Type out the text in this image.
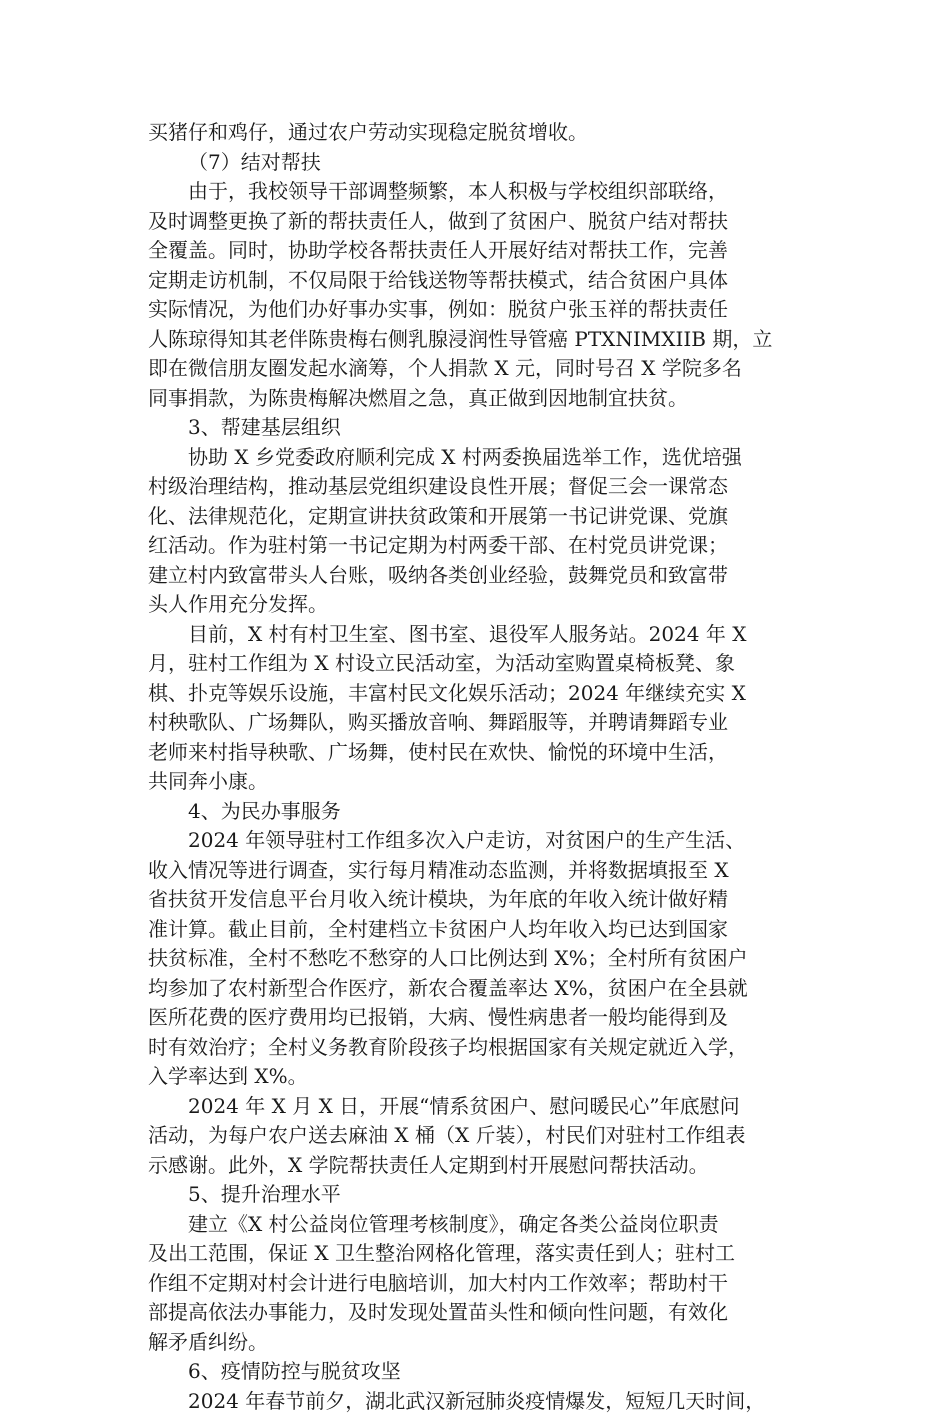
买猪仔和鸡仔，通过农户劳动实现稳定脱贫增收。
（7）结对帮扶
由于，我校领导干部调整频繁，本人积极与学校组织部联络，
及时调整更换了新的帮扶责任人，做到了贫困户、脱贫户结对帮扶
全覆盖。同时，协助学校各帮扶责任人开展好结对帮扶工作，完善
定期走访机制，不仅局限于给钱送物等帮扶模式，结合贫困户具体
实际情况，为他们办好事办实事，例如：脱贫户张玉祥的帮扶责任
人陈琼得知其老伴陈贵梅右侧乳腺浸润性导管癌 PTXNIMXIIB 期，立
即在微信朋友圈发起水滴筹，个人捐款 X 元，同时号召 X 学院多名
同事捐款，为陈贵梅解决燃眉之急，真正做到因地制宜扶贫。
3、帮建基层组织
协助 X 乡党委政府顺利完成 X 村两委换届选举工作，选优培强
村级治理结构，推动基层党组织建设良性开展；督促三会一课常态
化、法律规范化，定期宣讲扶贫政策和开展第一书记讲党课、党旗
红活动。作为驻村第一书记定期为村两委干部、在村党员讲党课；
建立村内致富带头人台账，吸纳各类创业经验，鼓舞党员和致富带
头人作用充分发挥。
目前，X 村有村卫生室、图书室、退役军人服务站。2024 年 X
月，驻村工作组为 X 村设立民活动室，为活动室购置桌椅板凳、象
棋、扑克等娱乐设施，丰富村民文化娱乐活动；2024 年继续充实 X
村秧歌队、广场舞队，购买播放音响、舞蹈服等，并聘请舞蹈专业
老师来村指导秧歌、广场舞，使村民在欢快、愉悦的环境中生活，
共同奔小康。
4、为民办事服务
2024 年领导驻村工作组多次入户走访，对贫困户的生产生活、
收入情况等进行调查，实行每月精准动态监测，并将数据填报至 X
省扶贫开发信息平台月收入统计模块，为年底的年收入统计做好精
准计算。截止目前，全村建档立卡贫困户人均年收入均已达到国家
扶贫标准，全村不愁吃不愁穿的人口比例达到 X%；全村所有贫困户
均参加了农村新型合作医疗，新农合覆盖率达 X%，贫困户在全县就
医所花费的医疗费用均已报销，大病、慢性病患者一般均能得到及
时有效治疗；全村义务教育阶段孩子均根据国家有关规定就近入学，
入学率达到 X%。
2024 年 X 月 X 日，开展“情系贫困户、慰问暖民心”年底慰问
活动，为每户农户送去麻油 X 桶（X 斤装），村民们对驻村工作组表
示感谢。此外，X 学院帮扶责任人定期到村开展慰问帮扶活动。
5、提升治理水平
建立《X 村公益岗位管理考核制度》，确定各类公益岗位职责
及出工范围，保证 X 卫生整治网格化管理，落实责任到人；驻村工
作组不定期对村会计进行电脑培训，加大村内工作效率；帮助村干
部提高依法办事能力，及时发现处置苗头性和倾向性问题，有效化
解矛盾纠纷。
6、疫情防控与脱贫攻坚
2024 年春节前夕，湖北武汉新冠肺炎疫情爆发，短短几天时间，
